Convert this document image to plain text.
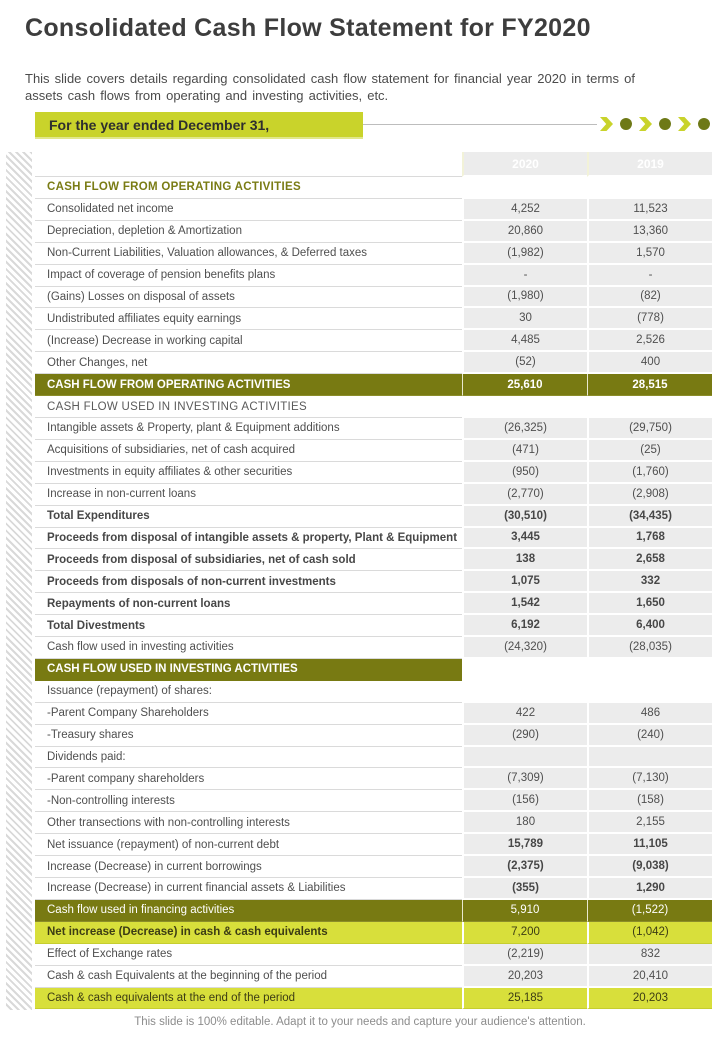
Consolidated Cash Flow Statement for FY2020
This slide covers details regarding consolidated cash flow statement for financial year 2020 in terms of assets cash flows from operating and investing activities, etc.
For the year ended December 31,
(US$ million)	2020	2019
CASH FLOW FROM OPERATING ACTIVITIES
Consolidated net income	4,252	11,523
Depreciation, depletion & Amortization	20,860	13,360
Non-Current Liabilities, Valuation allowances, & Deferred taxes	(1,982)	1,570
Impact of coverage of pension benefits plans	-	-
(Gains) Losses on disposal of assets	(1,980)	(82)
Undistributed affiliates equity earnings	30	(778)
(Increase) Decrease in working capital	4,485	2,526
Other Changes, net	(52)	400
CASH FLOW FROM OPERATING ACTIVITIES	25,610	28,515
CASH FLOW USED IN INVESTING ACTIVITIES
Intangible assets & Property, plant & Equipment additions	(26,325)	(29,750)
Acquisitions of subsidiaries, net of cash acquired	(471)	(25)
Investments in equity affiliates & other securities	(950)	(1,760)
Increase in non-current loans	(2,770)	(2,908)
Total Expenditures	(30,510)	(34,435)
Proceeds from disposal of intangible assets & property, Plant & Equipment	3,445	1,768
Proceeds from disposal of subsidiaries, net of cash sold	138	2,658
Proceeds from disposals of non-current investments	1,075	332
Repayments of non-current loans	1,542	1,650
Total Divestments	6,192	6,400
Cash flow used in investing activities	(24,320)	(28,035)
CASH FLOW USED IN INVESTING ACTIVITIES
Issuance (repayment) of shares:
-Parent Company Shareholders	422	486
-Treasury shares	(290)	(240)
Dividends paid:
-Parent company shareholders	(7,309)	(7,130)
-Non-controlling interests	(156)	(158)
Other transections with non-controlling interests	180	2,155
Net issuance (repayment) of non-current debt	15,789	11,105
Increase (Decrease) in current borrowings	(2,375)	(9,038)
Increase (Decrease) in current financial assets & Liabilities	(355)	1,290
Cash flow used in financing activities	5,910	(1,522)
Net increase (Decrease) in cash & cash equivalents	7,200	(1,042)
Effect of Exchange rates	(2,219)	832
Cash & cash Equivalents at the beginning of the period	20,203	20,410
Cash & cash equivalents at the end of the period	25,185	20,203
This slide is 100% editable. Adapt it to your needs and capture your audience's attention.
